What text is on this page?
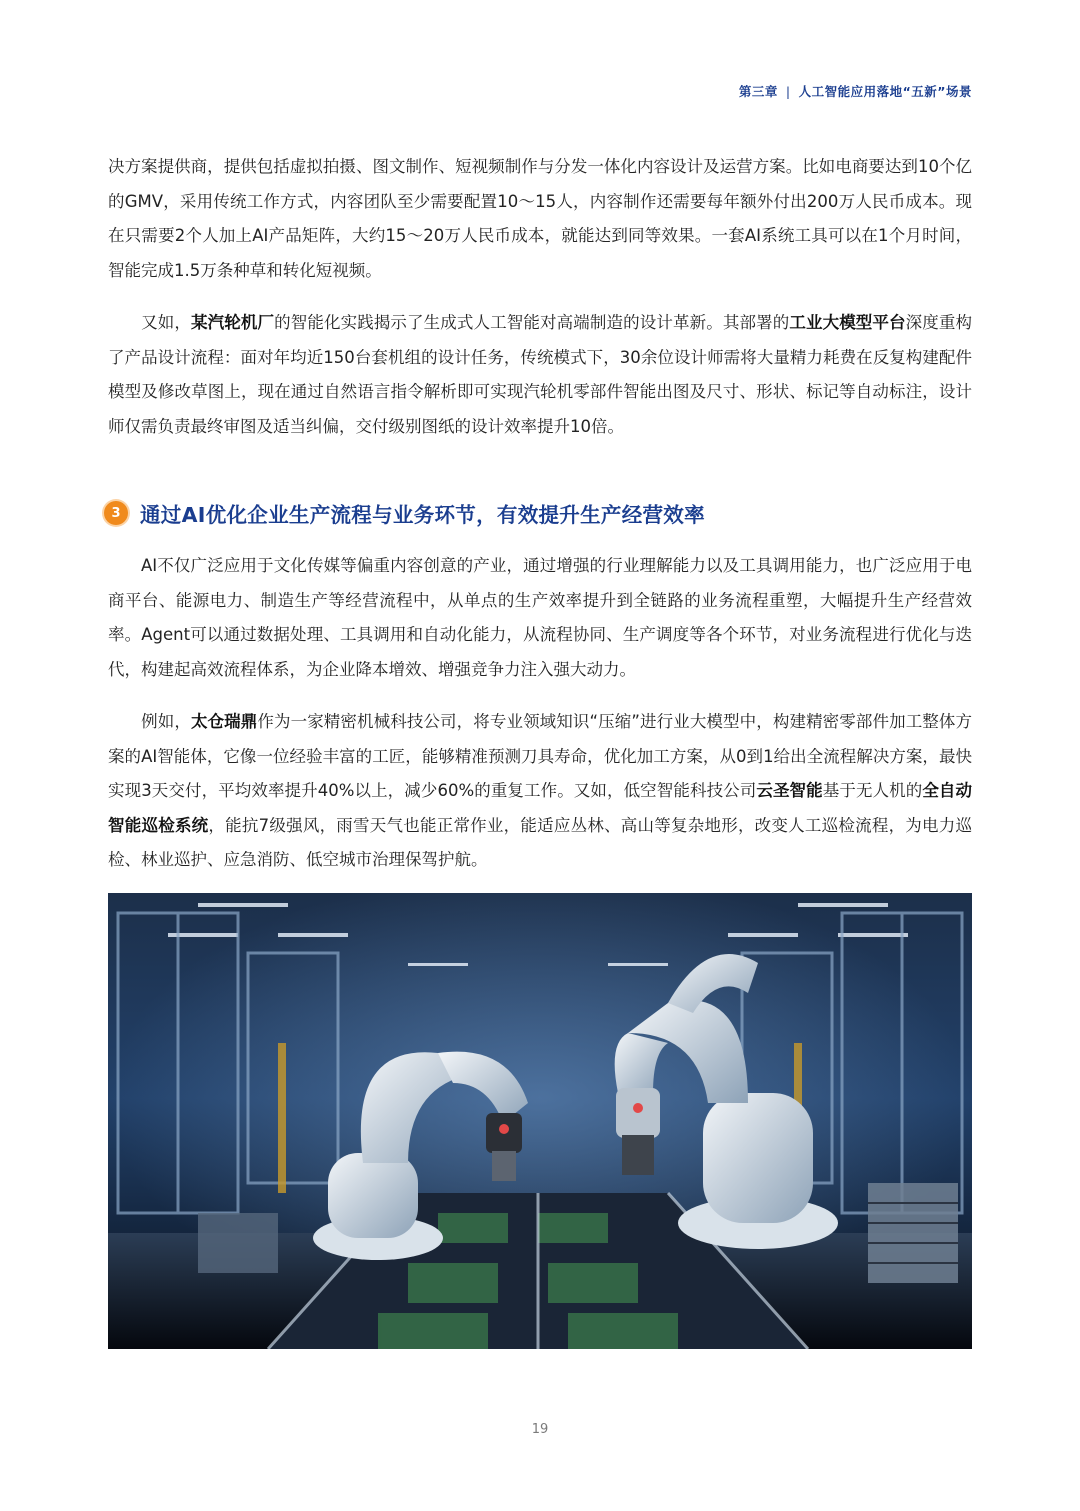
第三章 | 人工智能应用落地“五新”场景
决方案提供商，提供包括虚拟拍摄、图文制作、短视频制作与分发一体化内容设计及运营方案。比如电商要达到10个亿的GMV，采用传统工作方式，内容团队至少需要配置10～15人，内容制作还需要每年额外付出200万人民币成本。现在只需要2个人加上AI产品矩阵，大约15～20万人民币成本，就能达到同等效果。一套AI系统工具可以在1个月时间，智能完成1.5万条种草和转化短视频。
又如，某汽轮机厂的智能化实践揭示了生成式人工智能对高端制造的设计革新。其部署的工业大模型平台深度重构了产品设计流程：面对年均近150台套机组的设计任务，传统模式下，30余位设计师需将大量精力耗费在反复构建配件模型及修改草图上，现在通过自然语言指令解析即可实现汽轮机零部件智能出图及尺寸、形状、标记等自动标注，设计师仅需负责最终审图及适当纠偏，交付级别图纸的设计效率提升10倍。
3 通过AI优化企业生产流程与业务环节，有效提升生产经营效率
AI不仅广泛应用于文化传媒等偏重内容创意的产业，通过增强的行业理解能力以及工具调用能力，也广泛应用于电商平台、能源电力、制造生产等经营流程中，从单点的生产效率提升到全链路的业务流程重塑，大幅提升生产经营效率。Agent可以通过数据处理、工具调用和自动化能力，从流程协同、生产调度等各个环节，对业务流程进行优化与迭代，构建起高效流程体系，为企业降本增效、增强竞争力注入强大动力。
例如，太仓瑞鼎作为一家精密机械科技公司，将专业领域知识“压缩”进行业大模型中，构建精密零部件加工整体方案的AI智能体，它像一位经验丰富的工匠，能够精准预测刀具寿命，优化加工方案，从0到1给出全流程解决方案，最快实现3天交付，平均效率提升40%以上，减少60%的重复工作。又如，低空智能科技公司云圣智能基于无人机的全自动智能巡检系统，能抗7级强风，雨雪天气也能正常作业，能适应丛林、高山等复杂地形，改变人工巡检流程，为电力巡检、林业巡护、应急消防、低空城市治理保驾护航。
19
